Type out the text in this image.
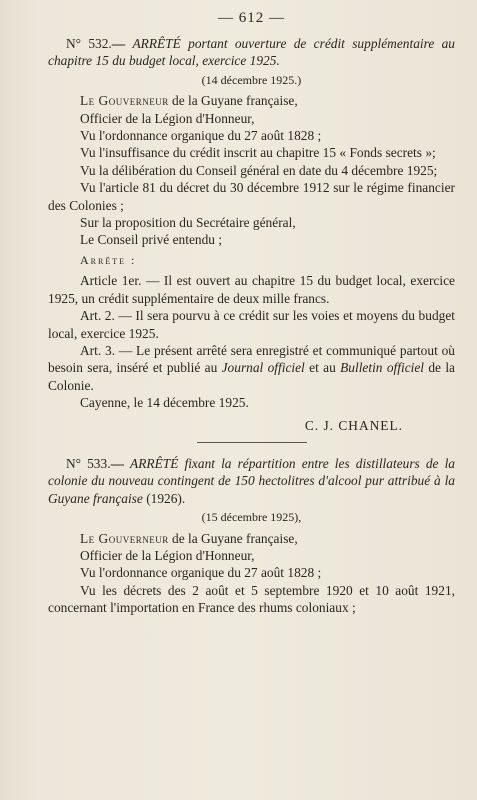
— 612 —
N° 532.— ARRÊTÉ portant ouverture de crédit supplémentaire au chapitre 15 du budget local, exercice 1925.
(14 décembre 1925.)

Le Gouverneur de la Guyane française,

Officier de la Légion d'Honneur,

Vu l'ordonnance organique du 27 août 1828 ;

Vu l'insuffisance du crédit inscrit au chapitre 15 « Fonds secrets »;

Vu la délibération du Conseil général en date du 4 décembre 1925;

Vu l'article 81 du décret du 30 décembre 1912 sur le régime financier des Colonies ;

Sur la proposition du Secrétaire général,

Le Conseil privé entendu ;

Arrête :

Article 1er. — Il est ouvert au chapitre 15 du budget local, exercice 1925, un crédit supplémentaire de deux mille francs.

Art. 2. — Il sera pourvu à ce crédit sur les voies et moyens du budget local, exercice 1925.

Art. 3. — Le présent arrêté sera enregistré et communiqué partout où besoin sera, inséré et publié au Journal officiel et au Bulletin officiel de la Colonie.

Cayenne, le 14 décembre 1925.

C. J. CHANEL.
N° 533.— ARRÊTÉ fixant la répartition entre les distillateurs de la colonie du nouveau contingent de 150 hectolitres d'alcool pur attribué à la Guyane française (1926).
(15 décembre 1925),

Le Gouverneur de la Guyane française,

Officier de la Légion d'Honneur,

Vu l'ordonnance organique du 27 août 1828 ;

Vu les décrets des 2 août et 5 septembre 1920 et 10 août 1921, concernant l'importation en France des rhums coloniaux ;
